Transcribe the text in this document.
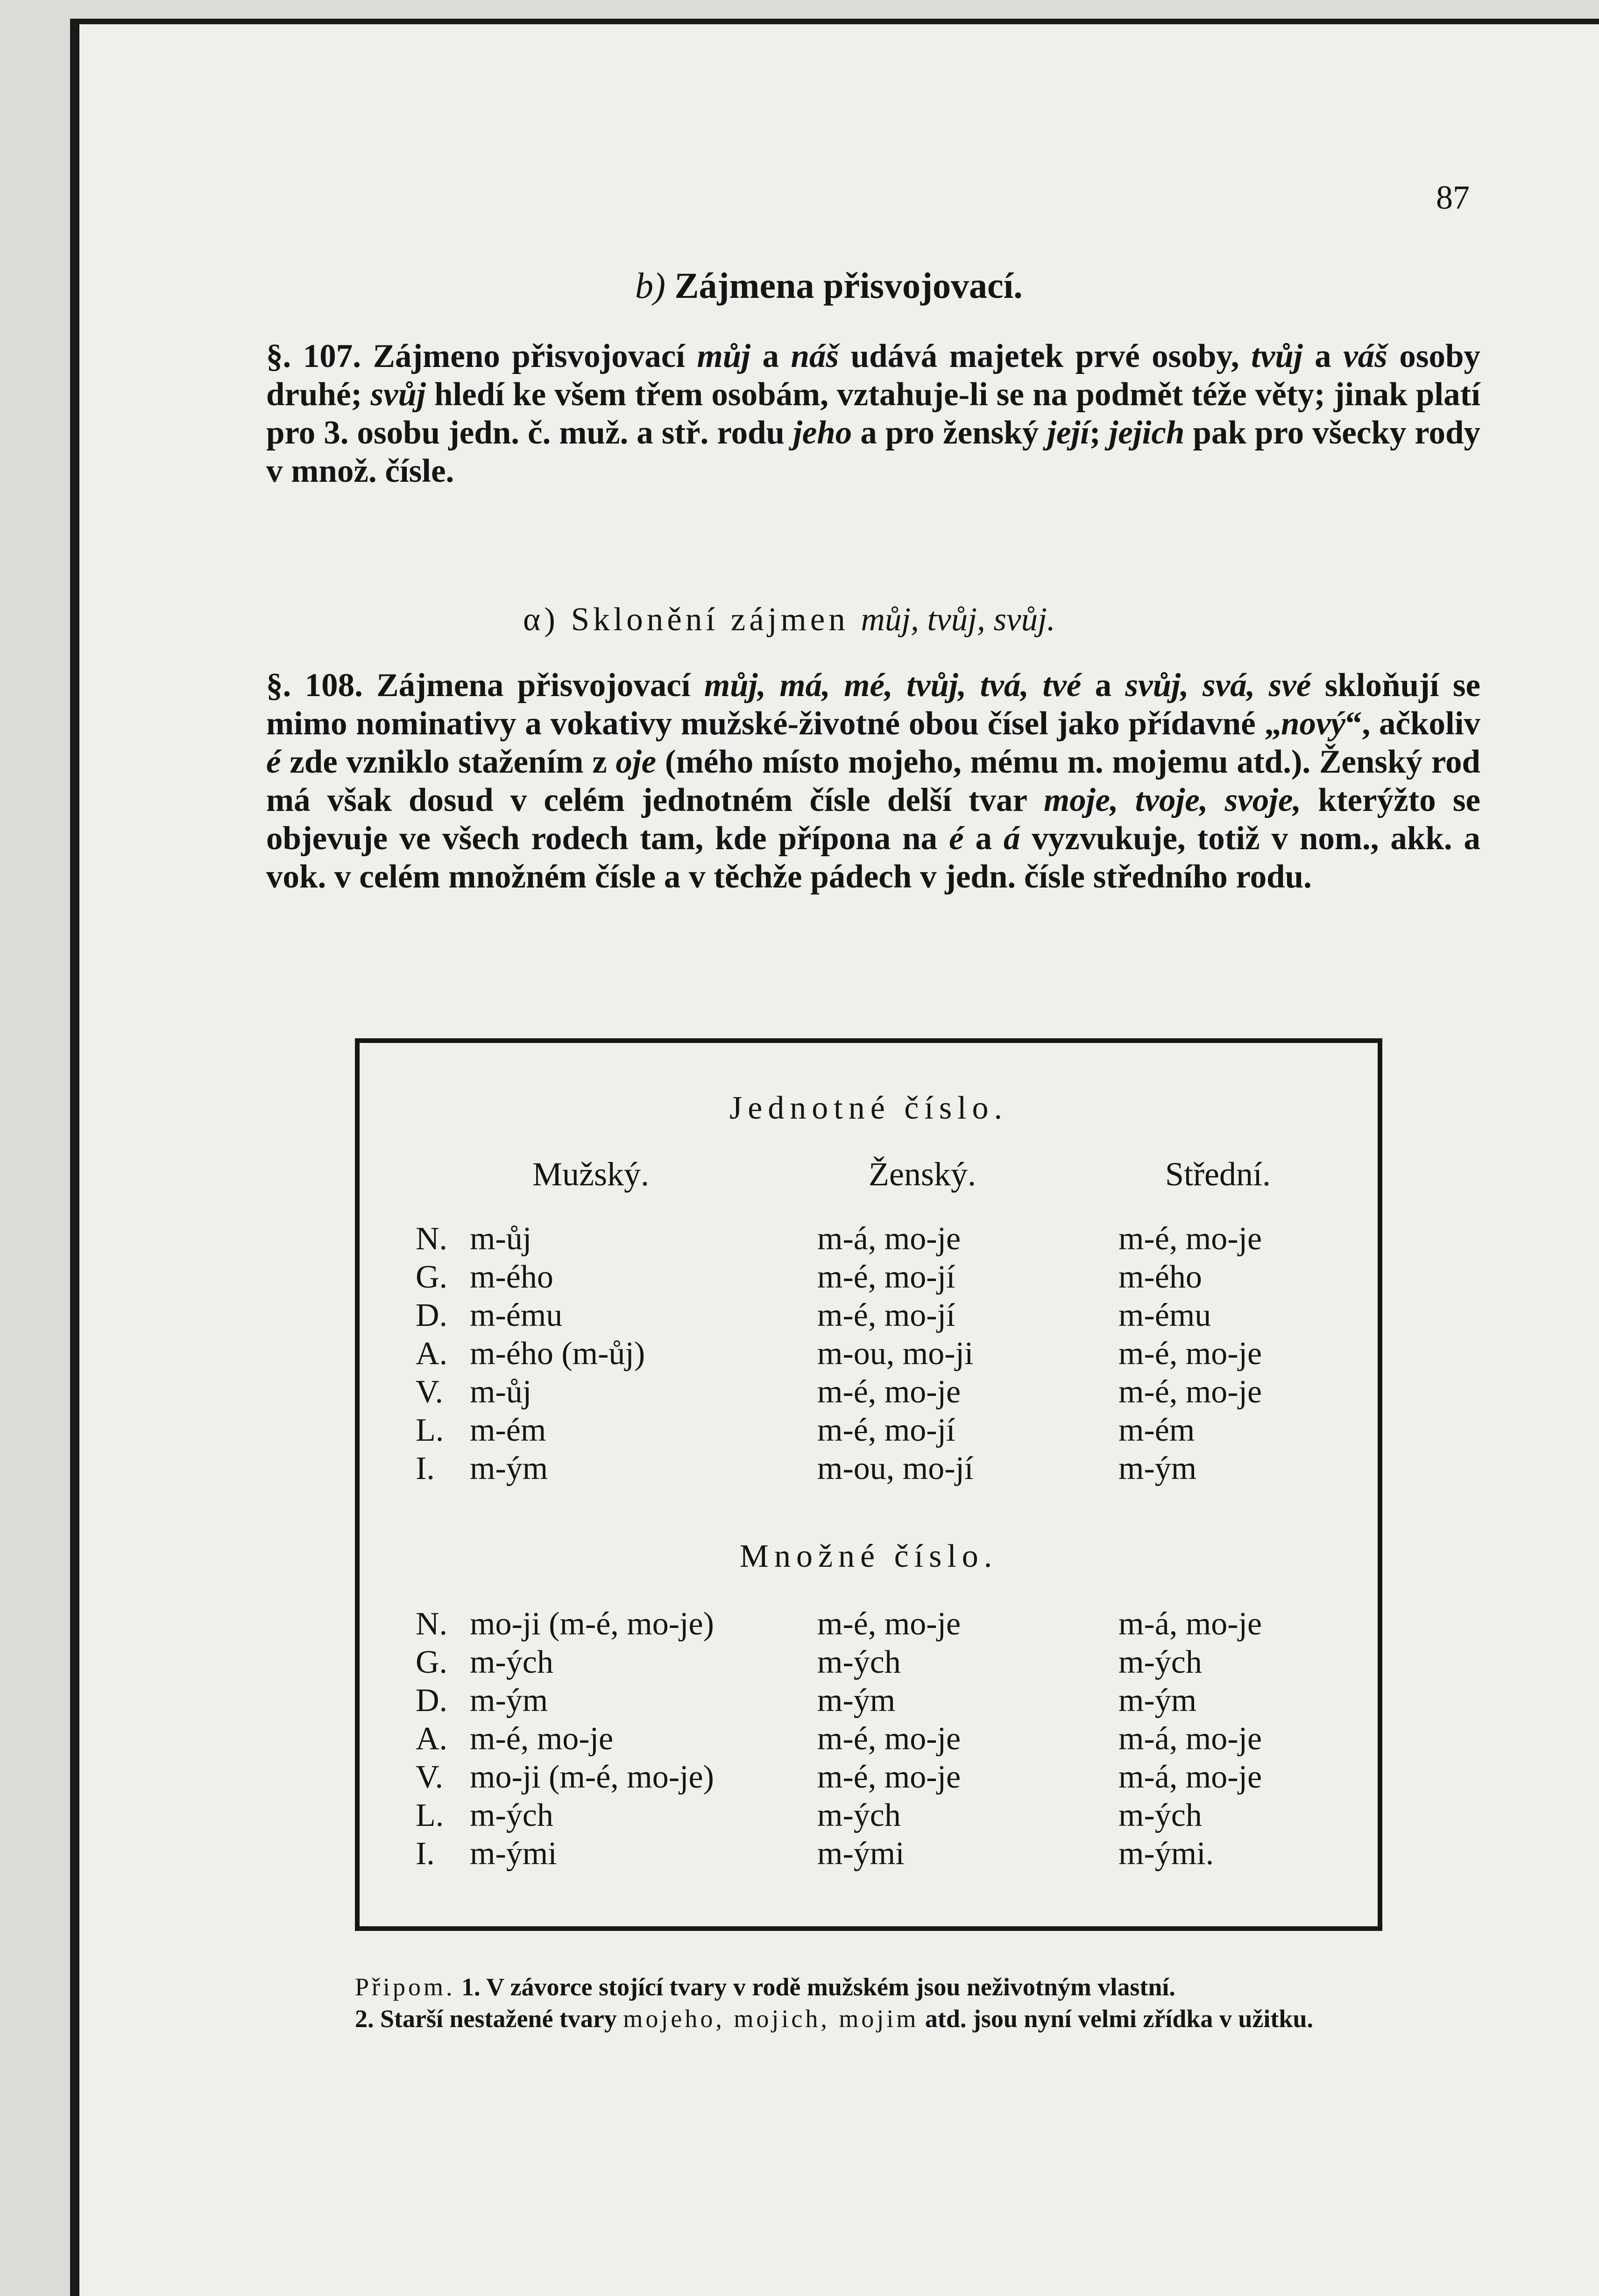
87
b) Zájmena přisvojovací.
§. 107. Zájmeno přisvojovací můj a náš udává majetek prvé osoby, tvůj a váš osoby druhé; svůj hledí ke všem třem osobám, vztahuje-li se na podmět téže věty; jinak platí pro 3. osobu jedn. č. muž. a stř. rodu jeho a pro ženský její; jejich pak pro všecky rody v množ. čísle.
α) Sklonění zájmen můj, tvůj, svůj.
§. 108. Zájmena přisvojovací můj, má, mé, tvůj, tvá, tvé a svůj, svá, své skloňují se mimo nominativy a vokativy mužské-životné obou čísel jako přídavné „nový“, ačkoliv é zde vzniklo stažením z oje (mého místo mojeho, mému m. mojemu atd.). Ženský rod má však dosud v celém jednotném čísle delší tvar moje, tvoje, svoje, kterýžto se objevuje ve všech rodech tam, kde přípona na é a á vyzvukuje, totiž v nom., akk. a vok. v celém množném čísle a v těchže pádech v jedn. čísle středního rodu.
Jednotné číslo.
Mužský.	Ženský.	Střední.
N. m-ůj	m-á, mo-je	m-é, mo-je
G. m-ého	m-é, mo-jí	m-ého
D. m-ému	m-é, mo-jí	m-ému
A. m-ého (m-ůj)	m-ou, mo-ji	m-é, mo-je
V. m-ůj	m-é, mo-je	m-é, mo-je
L. m-ém	m-é, mo-jí	m-ém
I. m-ým	m-ou, mo-jí	m-ým
Množné číslo.
N. mo-ji (m-é, mo-je)	m-é, mo-je	m-á, mo-je
G. m-ých	m-ých	m-ých
D. m-ým	m-ým	m-ým
A. m-é, mo-je	m-é, mo-je	m-á, mo-je
V. mo-ji (m-é, mo-je)	m-é, mo-je	m-á, mo-je
L. m-ých	m-ých	m-ých
I. m-ými	m-ými	m-ými.
Připom. 1. V závorce stojící tvary v rodě mužském jsou neživotným vlastní.
2. Starší nestažené tvary mojeho, mojich, mojim atd. jsou nyní velmi zřídka v užitku.
